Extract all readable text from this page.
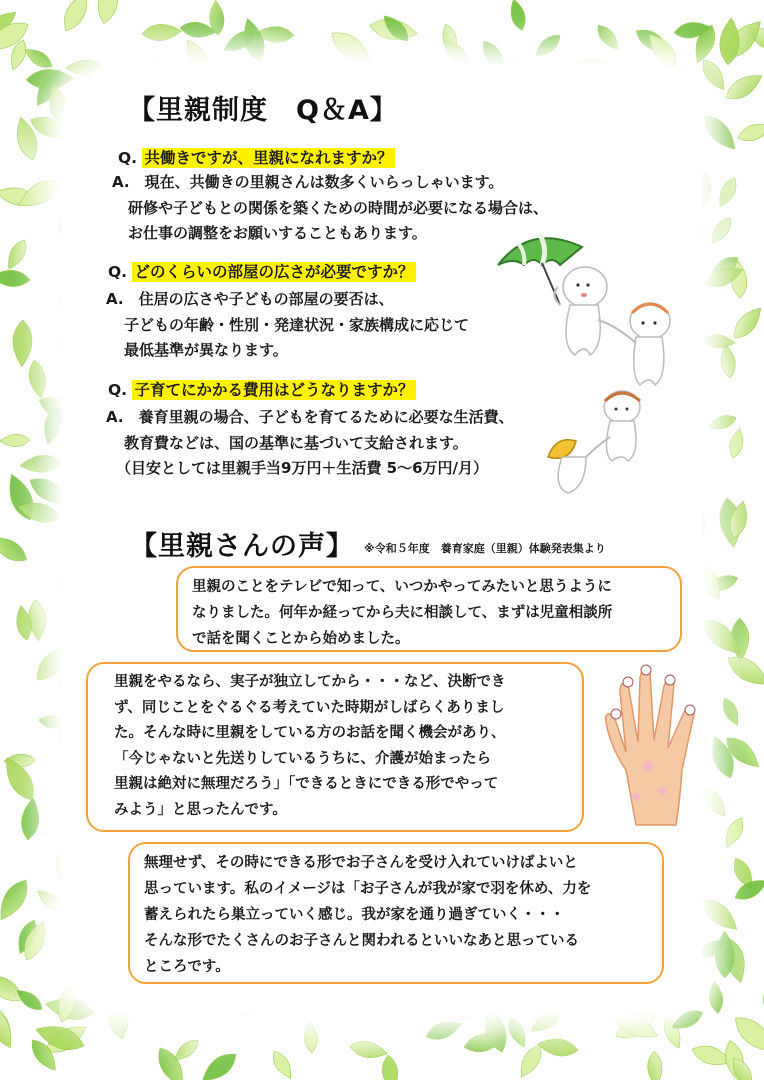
【里親制度　Q＆A】
Q. 共働きですが、里親になれますか？
A.  現在、共働きの里親さんは数多くいらっしゃいます。
研修や子どもとの関係を築くための時間が必要になる場合は、
お仕事の調整をお願いすることもあります。
Q. どのくらいの部屋の広さが必要ですか？
A.  住居の広さや子どもの部屋の要否は、
子どもの年齢・性別・発達状況・家族構成に応じて
最低基準が異なります。
Q. 子育てにかかる費用はどうなりますか？
A.  養育里親の場合、子どもを育てるために必要な生活費、
教育費などは、国の基準に基づいて支給されます。
（目安としては里親手当9万円＋生活費 5～6万円/月）
【里親さんの声】 ※令和５年度　養育家庭（里親）体験発表集より
里親のことをテレビで知って、いつかやってみたいと思うように
なりました。何年か経ってから夫に相談して、まずは児童相談所
で話を聞くことから始めました。
里親をやるなら、実子が独立してから・・・など、決断でき
ず、同じことをぐるぐる考えていた時期がしばらくありまし
た。そんな時に里親をしている方のお話を聞く機会があり、
「今じゃないと先送りしているうちに、介護が始まったら
里親は絶対に無理だろう」「できるときにできる形でやって
みよう」と思ったんです。
無理せず、その時にできる形でお子さんを受け入れていけばよいと
思っています。私のイメージは「お子さんが我が家で羽を休め、力を
蓄えられたら巣立っていく感じ。我が家を通り過ぎていく・・・
そんな形でたくさんのお子さんと関われるといいなあと思っている
ところです。
